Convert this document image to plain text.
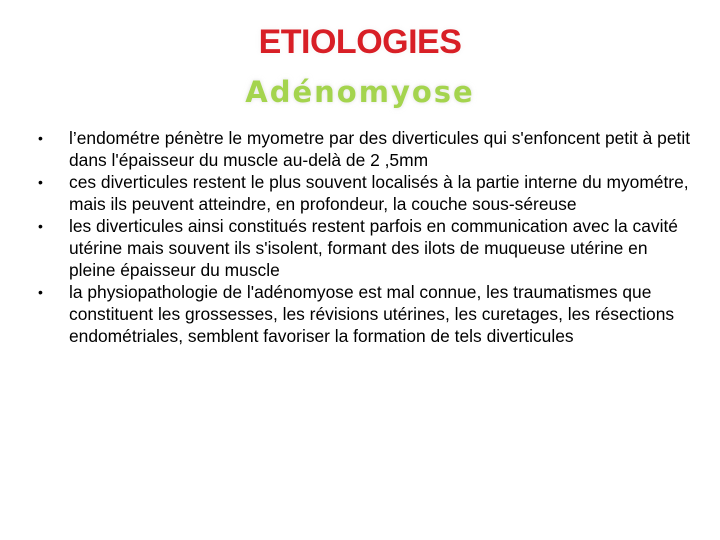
ETIOLOGIES
Adénomyose
• l’endométre pénètre le myometre par des diverticules qui s'enfoncent petit à petit dans l'épaisseur du muscle au-delà de 2 ,5mm
• ces diverticules restent le plus souvent localisés à la partie interne du myométre, mais ils peuvent atteindre, en profondeur, la couche sous-séreuse
• les diverticules ainsi constitués restent parfois en communication avec la cavité utérine mais souvent ils s'isolent, formant des ilots de muqueuse utérine en pleine épaisseur du muscle
• la physiopathologie de l'adénomyose est mal connue, les traumatismes que constituent les grossesses, les révisions utérines, les curetages, les résections endométriales, semblent favoriser la formation de tels diverticules
